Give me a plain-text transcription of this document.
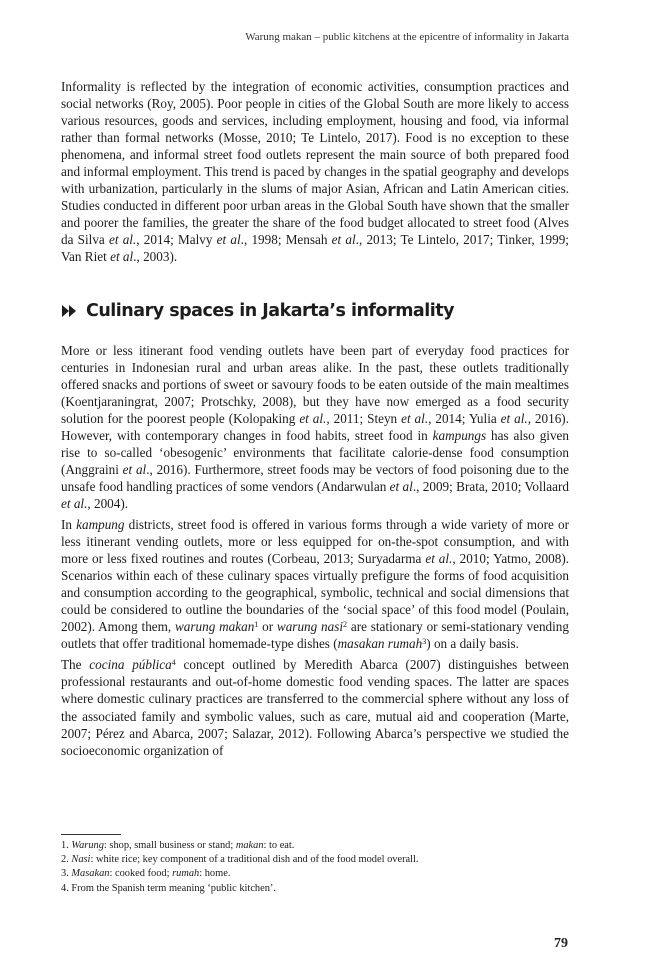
Warung makan – public kitchens at the epicentre of informality in Jakarta

Informality is reflected by the integration of economic activities, consumption practices and social networks (Roy, 2005). Poor people in cities of the Global South are more likely to access various resources, goods and services, including employment, housing and food, via informal rather than formal networks (Mosse, 2010; Te Lintelo, 2017). Food is no exception to these phenomena, and informal street food outlets represent the main source of both prepared food and informal employment. This trend is paced by changes in the spatial geography and develops with urbanization, particularly in the slums of major Asian, African and Latin American cities. Studies conducted in different poor urban areas in the Global South have shown that the smaller and poorer the families, the greater the share of the food budget allocated to street food (Alves da Silva et al., 2014; Malvy et al., 1998; Mensah et al., 2013; Te Lintelo, 2017; Tinker, 1999; Van Riet et al., 2003).

Culinary spaces in Jakarta’s informality

More or less itinerant food vending outlets have been part of everyday food practices for centuries in Indonesian rural and urban areas alike. In the past, these outlets traditionally offered snacks and portions of sweet or savoury foods to be eaten outside of the main mealtimes (Koentjaraningrat, 2007; Protschky, 2008), but they have now emerged as a food security solution for the poorest people (Kolopaking et al., 2011; Steyn et al., 2014; Yulia et al., 2016). However, with contemporary changes in food habits, street food in kampungs has also given rise to so-called ‘obesogenic’ environments that facilitate calorie-dense food consumption (Anggraini et al., 2016). Furthermore, street foods may be vectors of food poisoning due to the unsafe food handling practices of some vendors (Andarwulan et al., 2009; Brata, 2010; Vollaard et al., 2004).

In kampung districts, street food is offered in various forms through a wide variety of more or less itinerant vending outlets, more or less equipped for on-the-spot consumption, and with more or less fixed routines and routes (Corbeau, 2013; Suryadarma et al., 2010; Yatmo, 2008). Scenarios within each of these culinary spaces virtually prefigure the forms of food acquisition and consumption according to the geographical, symbolic, technical and social dimensions that could be considered to outline the boundaries of the ‘social space’ of this food model (Poulain, 2002). Among them, warung makan$^1$ or warung nasi$^2$ are stationary or semi-stationary vending outlets that offer traditional homemade-type dishes (masakan rumah$^3$) on a daily basis.

The cocina pública$^4$ concept outlined by Meredith Abarca (2007) distinguishes between professional restaurants and out-of-home domestic food vending spaces. The latter are spaces where domestic culinary practices are transferred to the commercial sphere without any loss of the associated family and symbolic values, such as care, mutual aid and cooperation (Marte, 2007; Pérez and Abarca, 2007; Salazar, 2012). Following Abarca’s perspective we studied the socioeconomic organization of

1. Warung: shop, small business or stand; makan: to eat.
2. Nasi: white rice; key component of a traditional dish and of the food model overall.
3. Masakan: cooked food; rumah: home.
4. From the Spanish term meaning ‘public kitchen’.
79
